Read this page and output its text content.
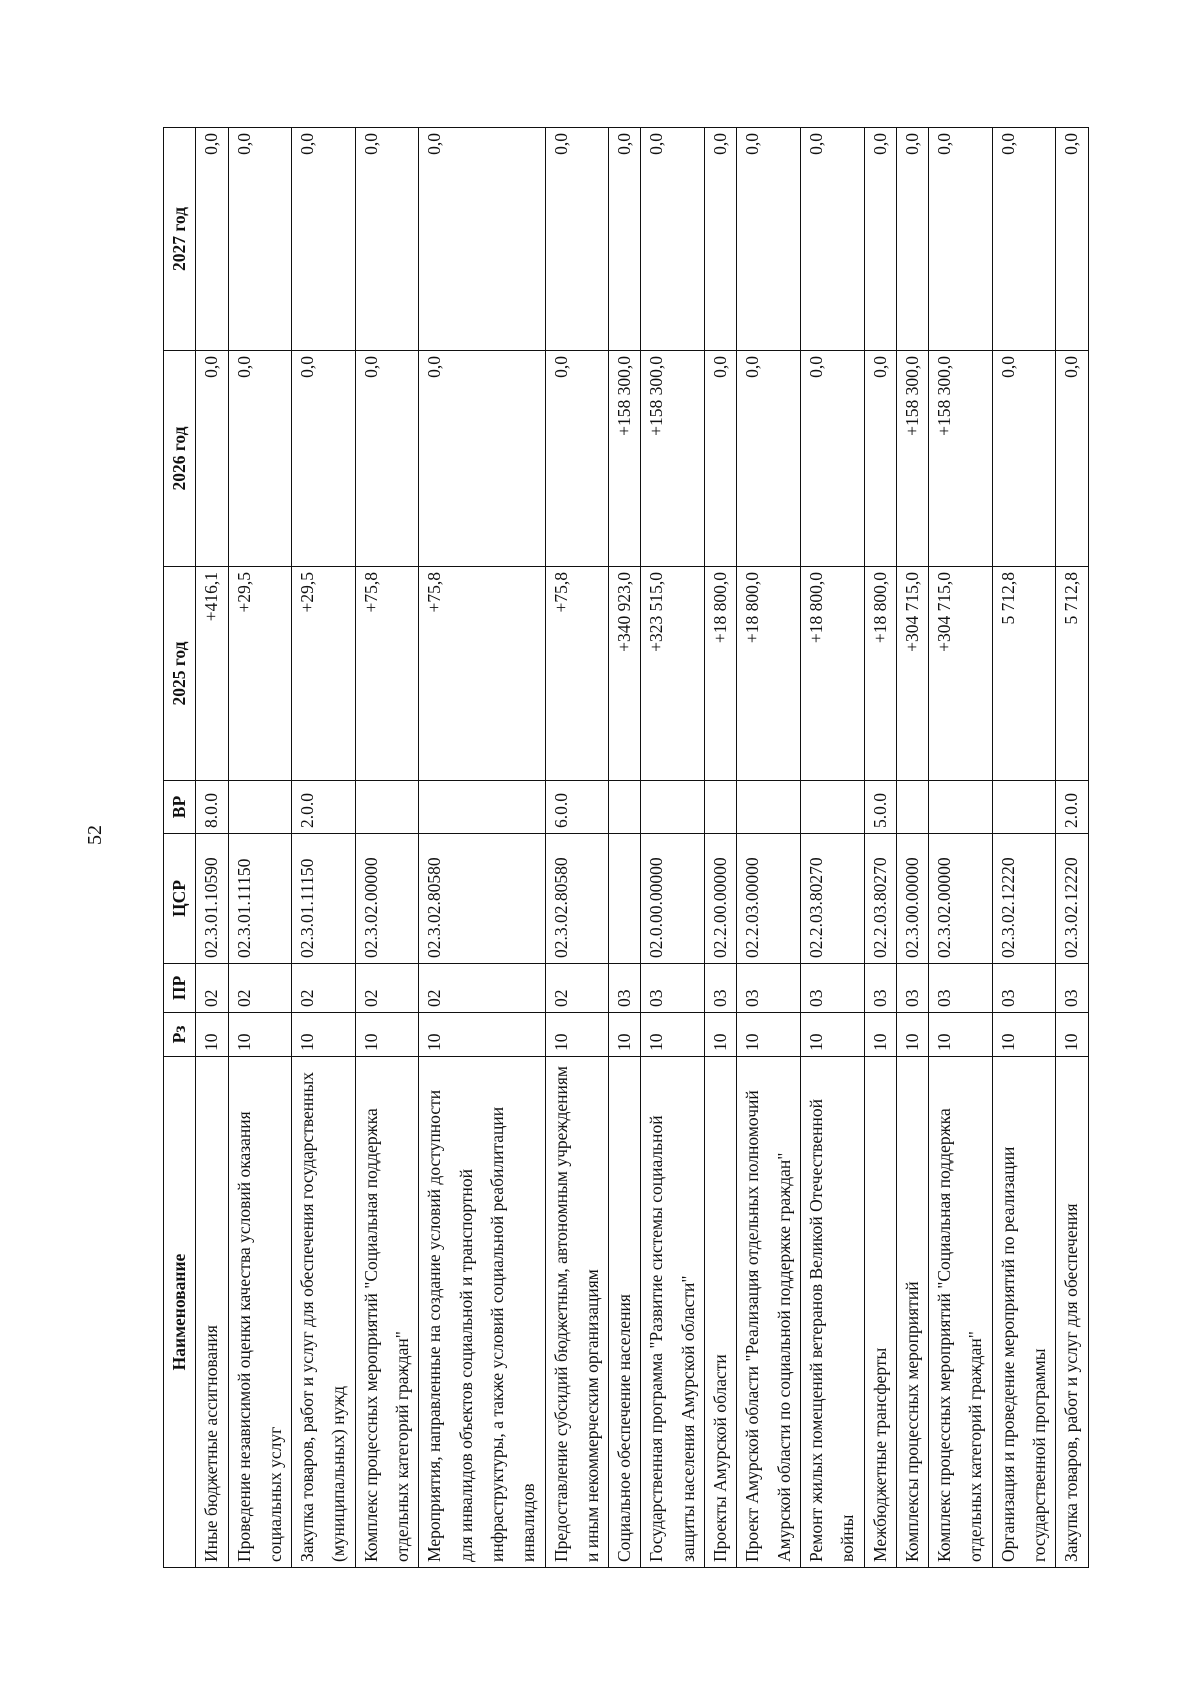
52
Наименование	Рз	ПР	ЦСР	ВР	2025 год	2026 год	2027 год
Иные бюджетные ассигнования	10	02	02.3.01.10590	8.0.0	+416,1	0,0	0,0
Проведение независимой оценки качества условий оказания социальных услуг	10	02	02.3.01.11150		+29,5	0,0	0,0
Закупка товаров, работ и услуг для обеспечения государственных (муниципальных) нужд	10	02	02.3.01.11150	2.0.0	+29,5	0,0	0,0
Комплекс процессных мероприятий "Социальная поддержка отдельных категорий граждан"	10	02	02.3.02.00000		+75,8	0,0	0,0
Мероприятия, направленные на создание условий доступности для инвалидов объектов социальной и транспортной инфраструктуры, а также условий социальной реабилитации инвалидов	10	02	02.3.02.80580		+75,8	0,0	0,0
Предоставление субсидий бюджетным, автономным учреждениям и иным некоммерческим организациям	10	02	02.3.02.80580	6.0.0	+75,8	0,0	0,0
Социальное обеспечение населения	10	03			+340 923,0	+158 300,0	0,0
Государственная программа "Развитие системы социальной защиты населения Амурской области"	10	03	02.0.00.00000		+323 515,0	+158 300,0	0,0
Проекты Амурской области	10	03	02.2.00.00000		+18 800,0	0,0	0,0
Проект Амурской области "Реализация отдельных полномочий Амурской области по социальной поддержке граждан"	10	03	02.2.03.00000		+18 800,0	0,0	0,0
Ремонт жилых помещений ветеранов Великой Отечественной войны	10	03	02.2.03.80270		+18 800,0	0,0	0,0
Межбюджетные трансферты	10	03	02.2.03.80270	5.0.0	+18 800,0	0,0	0,0
Комплексы процессных мероприятий	10	03	02.3.00.00000		+304 715,0	+158 300,0	0,0
Комплекс процессных мероприятий "Социальная поддержка отдельных категорий граждан"	10	03	02.3.02.00000		+304 715,0	+158 300,0	0,0
Организация и проведение мероприятий по реализации государственной программы	10	03	02.3.02.12220		5 712,8	0,0	0,0
Закупка товаров, работ и услуг для обеспечения	10	03	02.3.02.12220	2.0.0	5 712,8	0,0	0,0
